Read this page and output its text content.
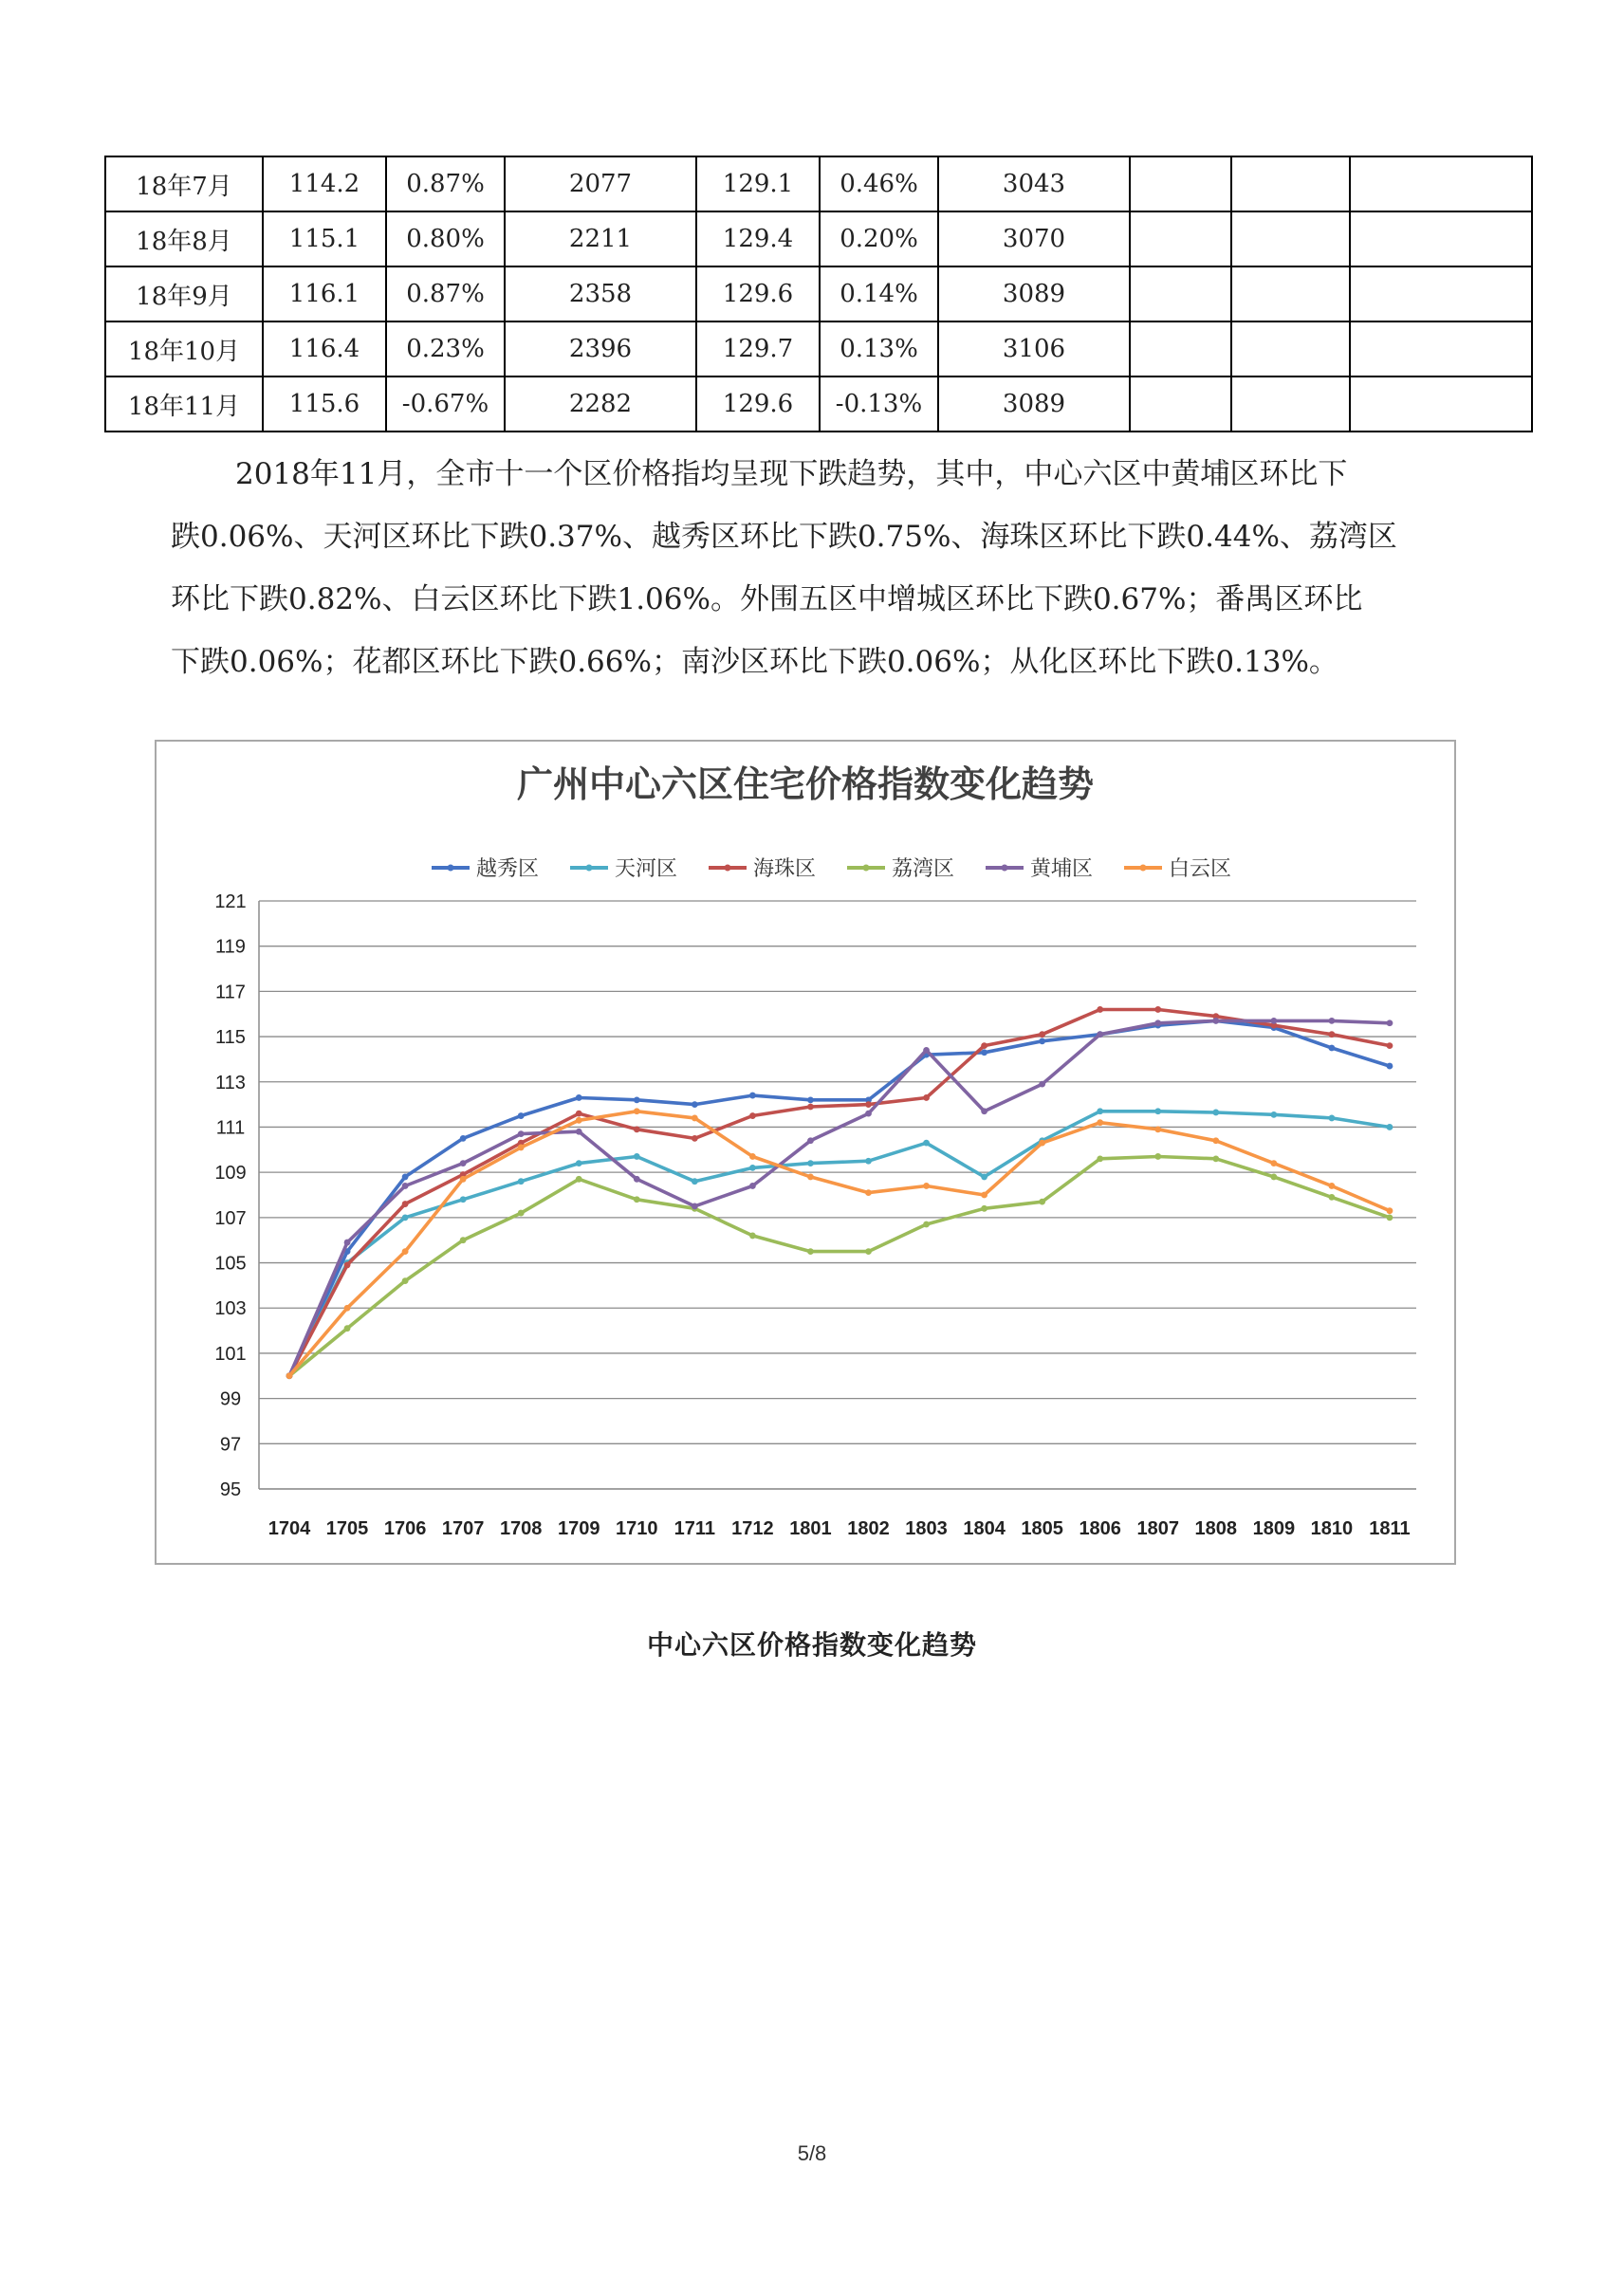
18年7月	114.2	0.87%	2077	129.1	0.46%	3043			
18年8月	115.1	0.80%	2211	129.4	0.20%	3070			
18年9月	116.1	0.87%	2358	129.6	0.14%	3089			
18年10月	116.4	0.23%	2396	129.7	0.13%	3106			
18年11月	115.6	-0.67%	2282	129.6	-0.13%	3089			
2018年11月，全市十一个区价格指均呈现下跌趋势，其中，中心六区中黄埔区环比下
跌0.06%、天河区环比下跌0.37%、越秀区环比下跌0.75%、海珠区环比下跌0.44%、荔湾区
环比下跌0.82%、白云区环比下跌1.06%。外围五区中增城区环比下跌0.67%；番禺区环比
下跌0.06%；花都区环比下跌0.66%；南沙区环比下跌0.06%；从化区环比下跌0.13%。
广州中心六区住宅价格指数变化趋势
越秀区	天河区	海珠区	荔湾区	黄埔区	白云区
95
97
99
101
103
105
107
109
111
113
115
117
119
121
1704 1705 1706 1707 1708 1709 1710 1711 1712 1801 1802 1803 1804 1805 1806 1807 1808 1809 1810 1811
中心六区价格指数变化趋势
5/8
